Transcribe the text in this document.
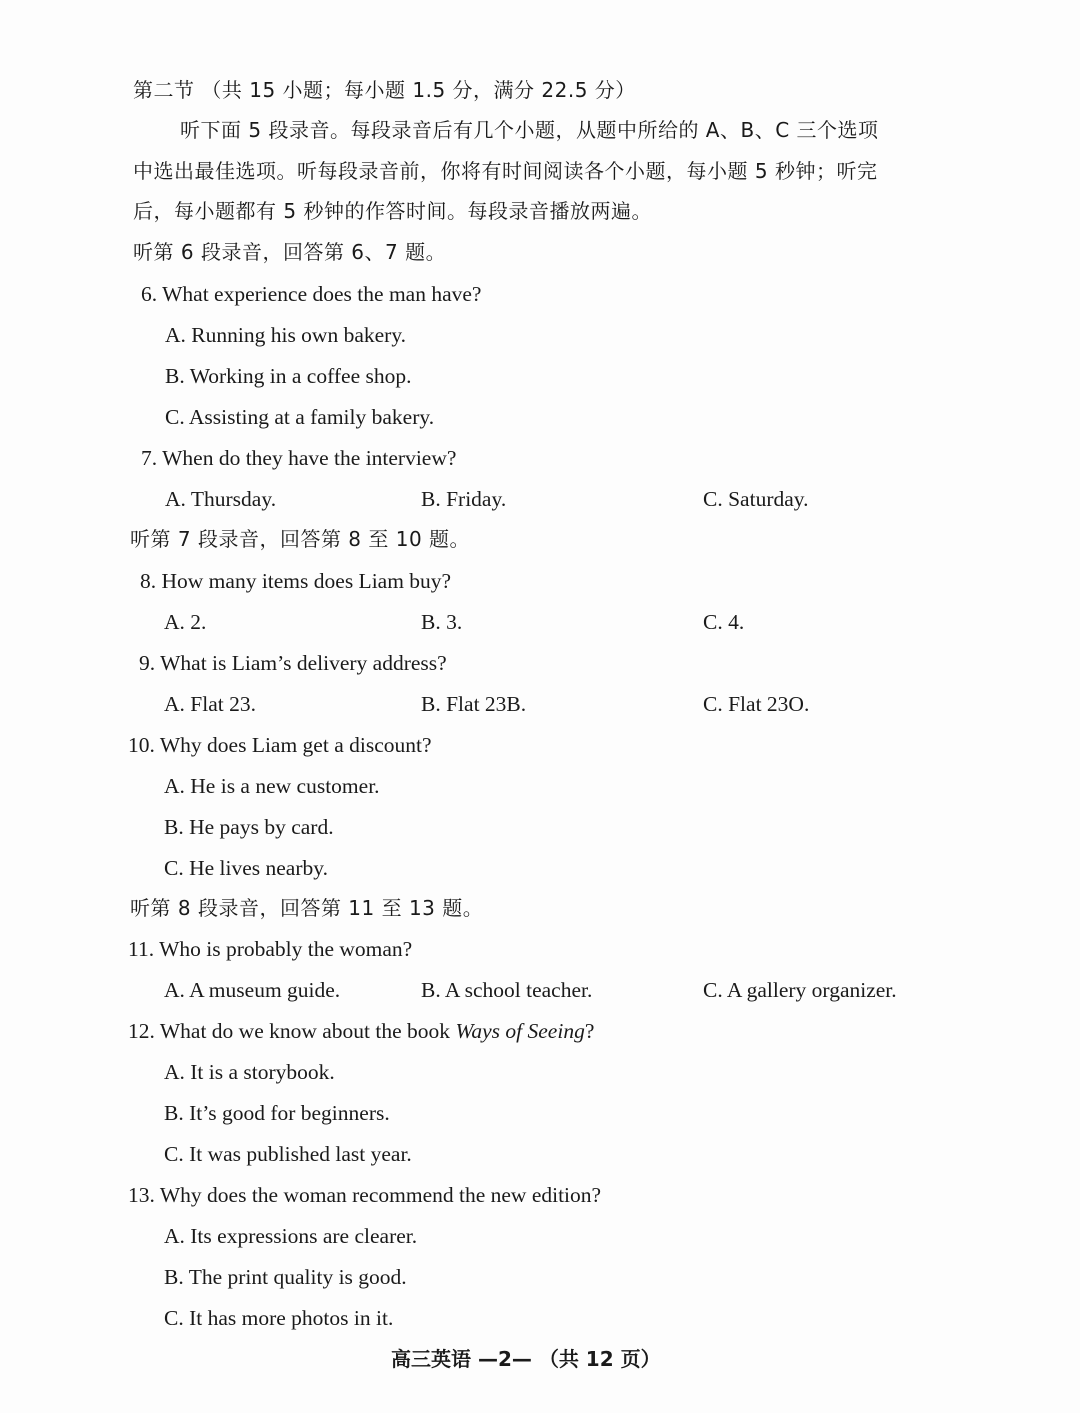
第二节 （共 15 小题；每小题 1.5 分，满分 22.5 分）
听下面 5 段录音。每段录音后有几个小题，从题中所给的 A、B、C 三个选项
中选出最佳选项。听每段录音前，你将有时间阅读各个小题，每小题 5 秒钟；听完
后，每小题都有 5 秒钟的作答时间。每段录音播放两遍。
听第 6 段录音，回答第 6、7 题。
6. What experience does the man have?
A. Running his own bakery.
B. Working in a coffee shop.
C. Assisting at a family bakery.
7. When do they have the interview?
A. Thursday.	B. Friday.	C. Saturday.
听第 7 段录音，回答第 8 至 10 题。
8. How many items does Liam buy?
A. 2.	B. 3.	C. 4.
9. What is Liam’s delivery address?
A. Flat 23.	B. Flat 23B.	C. Flat 23O.
10. Why does Liam get a discount?
A. He is a new customer.
B. He pays by card.
C. He lives nearby.
听第 8 段录音，回答第 11 至 13 题。
11. Who is probably the woman?
A. A museum guide.	B. A school teacher.	C. A gallery organizer.
12. What do we know about the book Ways of Seeing?
A. It is a storybook.
B. It’s good for beginners.
C. It was published last year.
13. Why does the woman recommend the new edition?
A. Its expressions are clearer.
B. The print quality is good.
C. It has more photos in it.
高三英语 —2— （共 12 页）
